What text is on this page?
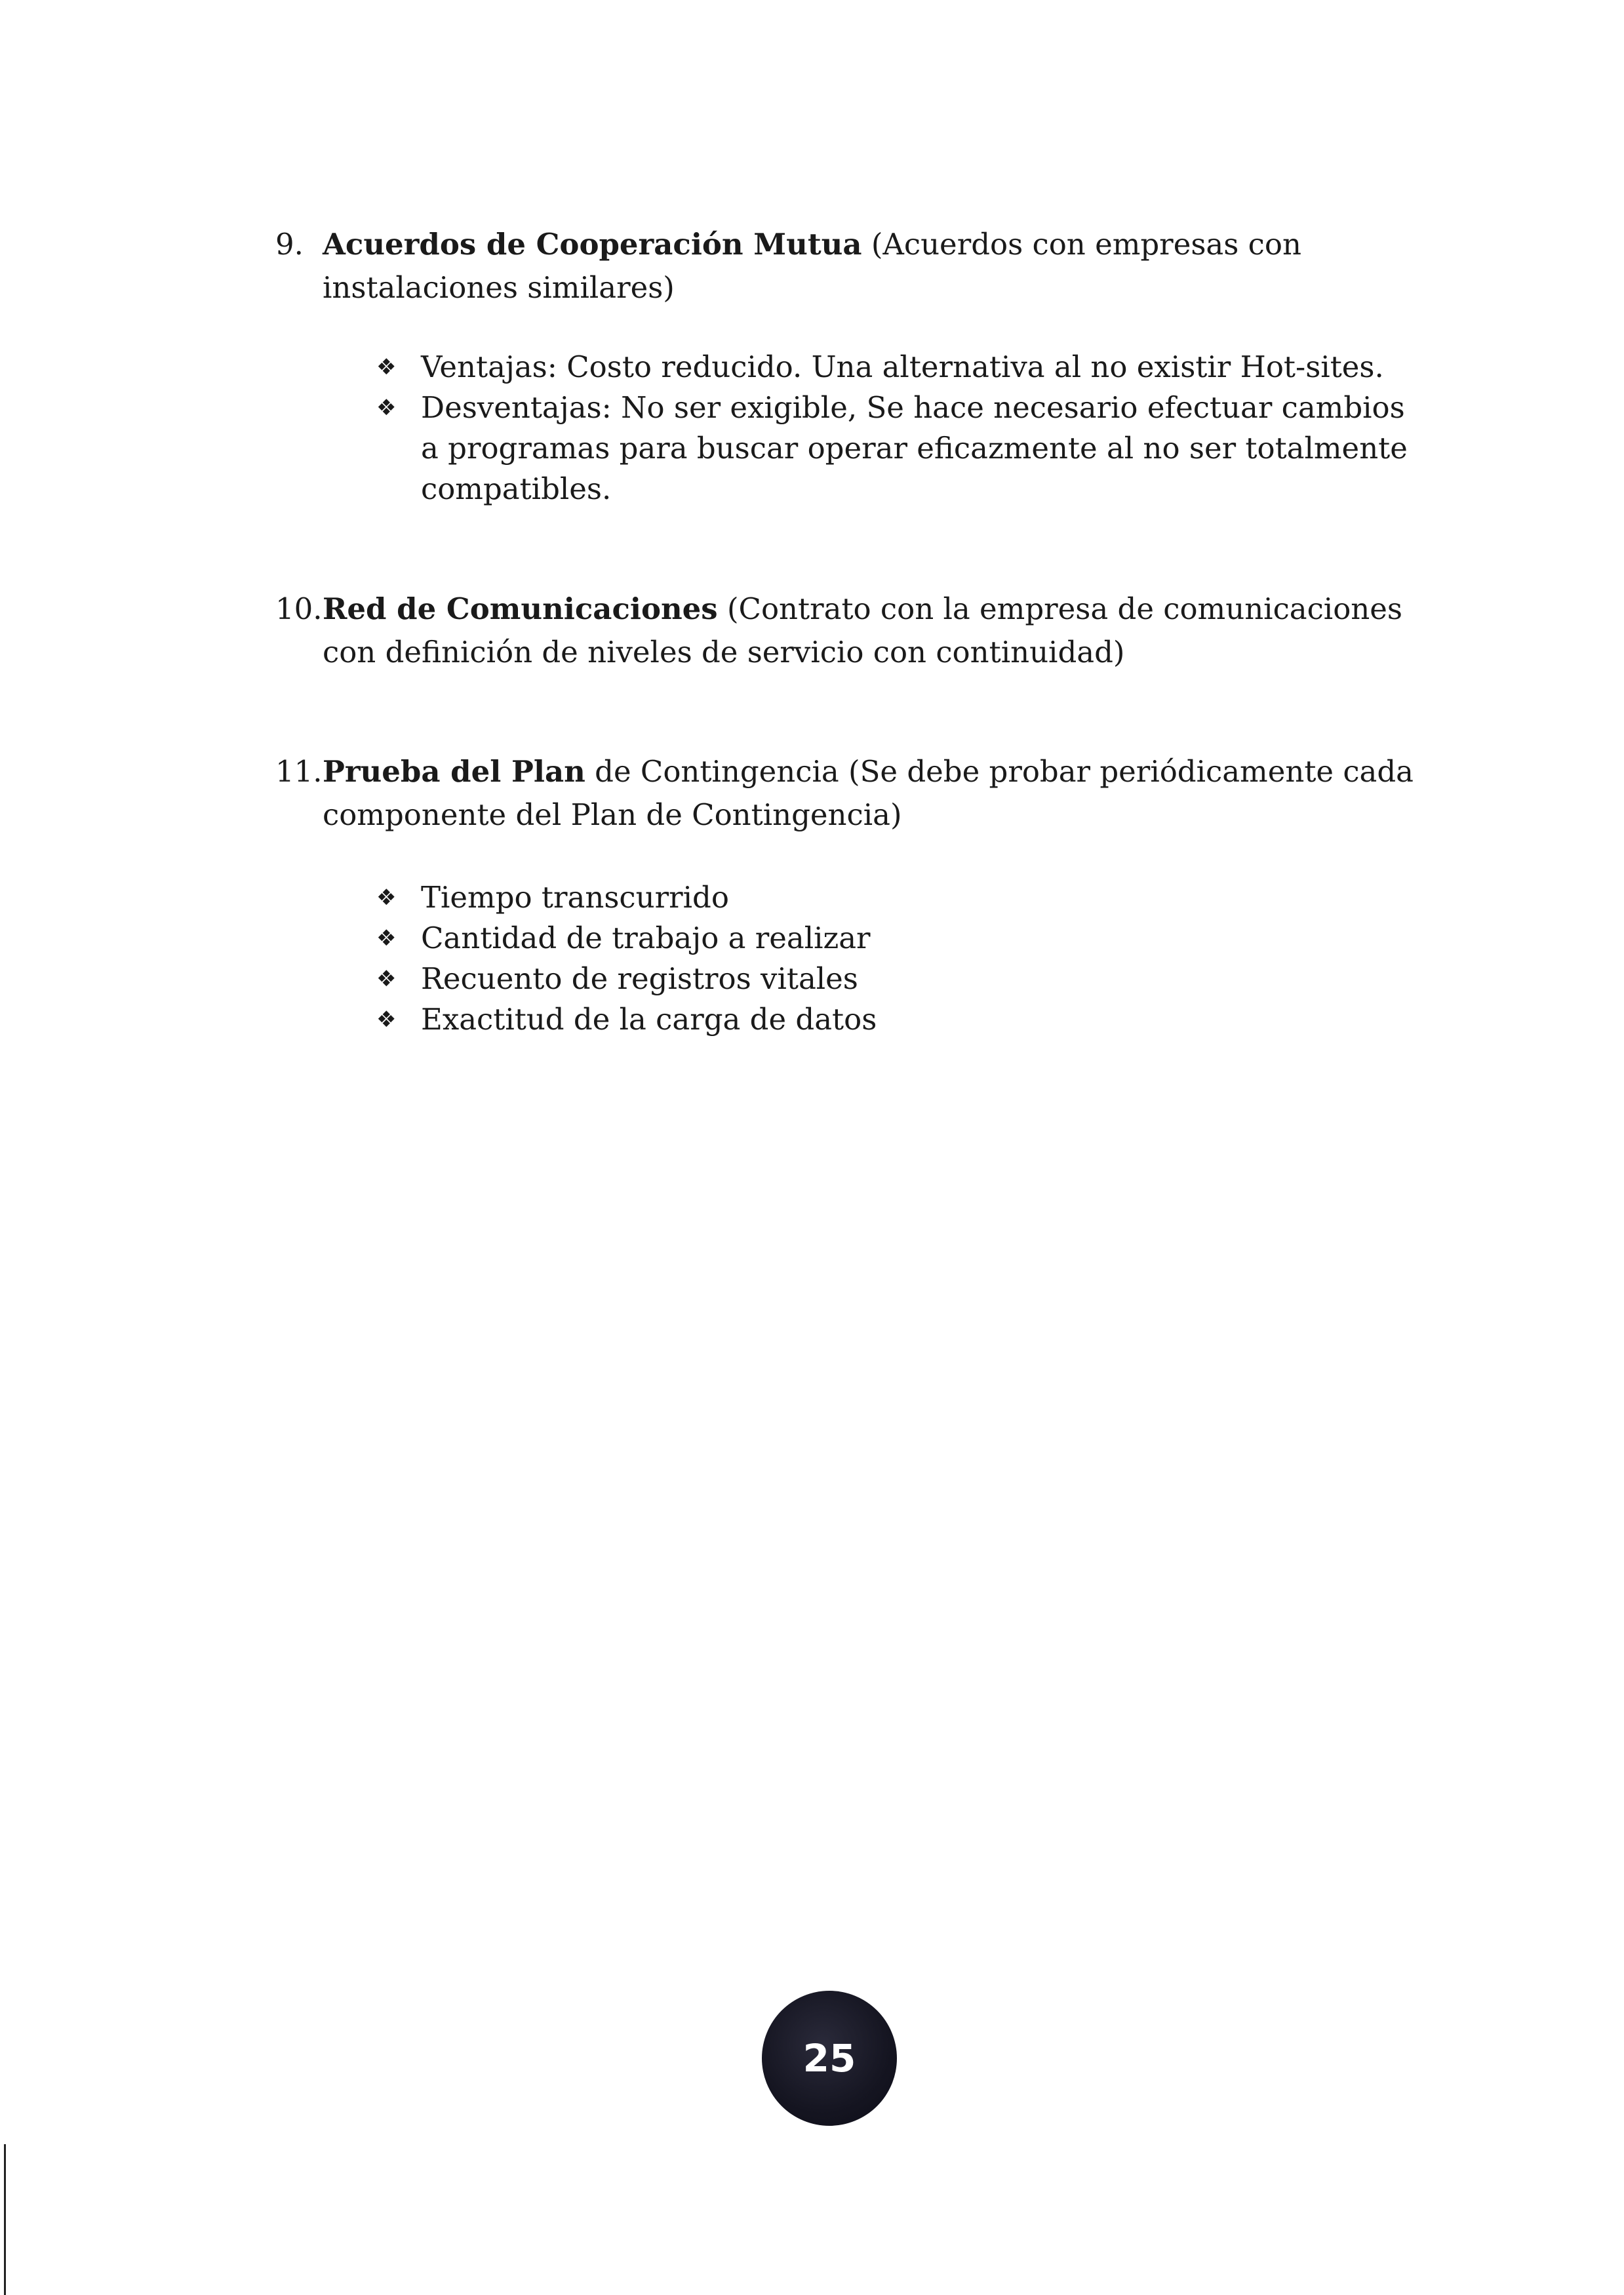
9. Acuerdos de Cooperación Mutua (Acuerdos con empresas con instalaciones similares)
❖ Ventajas: Costo reducido. Una alternativa al no existir Hot-sites.
❖ Desventajas: No ser exigible, Se hace necesario efectuar cambios a programas para buscar operar eficazmente al no ser totalmente compatibles.
10. Red de Comunicaciones (Contrato con la empresa de comunicaciones con definición de niveles de servicio con continuidad)
11. Prueba del Plan de Contingencia (Se debe probar periódicamente cada componente del Plan de Contingencia)
❖ Tiempo transcurrido
❖ Cantidad de trabajo a realizar
❖ Recuento de registros vitales
❖ Exactitud de la carga de datos
25
